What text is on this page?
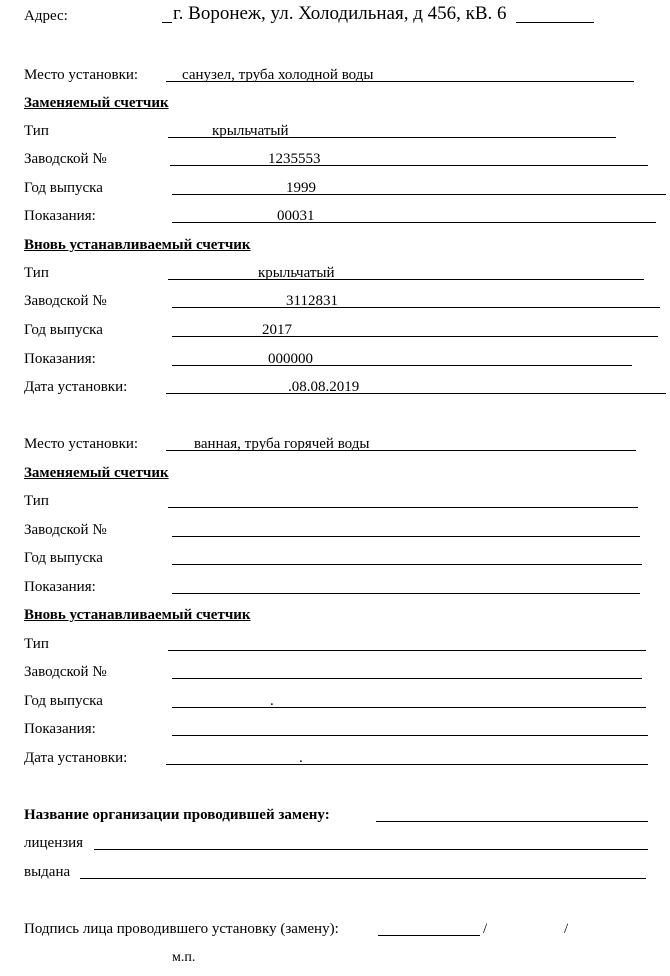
Адрес:	г. Воронеж, ул. Холодильная, д 456, кВ. 6
Место установки:	санузел, труба холодной воды
Заменяемый счетчик
Тип	крыльчатый
Заводской №	1235553
Год выпуска	1999
Показания:	00031
Вновь устанавливаемый счетчик
Тип	крыльчатый
Заводской №	3112831
Год выпуска	2017
Показания:	000000
Дата установки:	.08.08.2019
Место установки:	ванная, труба горячей воды
Заменяемый счетчик
Тип
Заводской №
Год выпуска
Показания:
Вновь устанавливаемый счетчик
Тип
Заводской №
Год выпуска	.
Показания:
Дата установки:	.
Название организации проводившей замену:
лицензия
выдана
Подпись лица проводившего установку (замену):	/	/
м.п.
